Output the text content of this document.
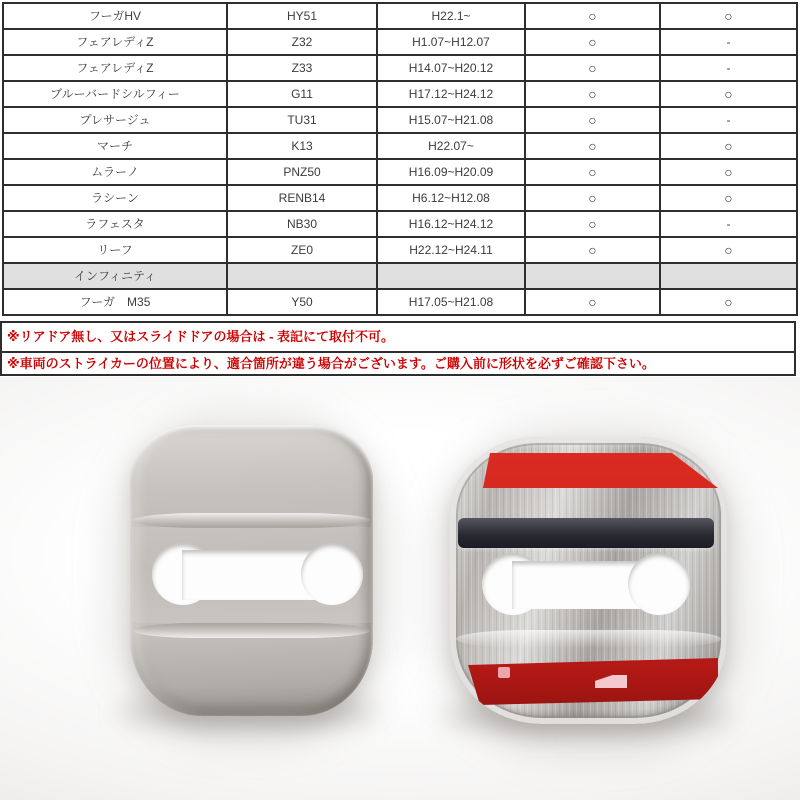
フーガHV	HY51	H22.1~	○	○
フェアレディZ	Z32	H1.07~H12.07	○	-
フェアレディZ	Z33	H14.07~H20.12	○	-
ブルーバードシルフィー	G11	H17.12~H24.12	○	○
プレサージュ	TU31	H15.07~H21.08	○	-
マーチ	K13	H22.07~	○	○
ムラーノ	PNZ50	H16.09~H20.09	○	○
ラシーン	RENB14	H6.12~H12.08	○	○
ラフェスタ	NB30	H16.12~H24.12	○	-
リーフ	ZE0	H22.12~H24.11	○	○
インフィニティ				
フーガ　M35	Y50	H17.05~H21.08	○	○
※リアドア無し、又はスライドドアの場合は - 表記にて取付不可。
※車両のストライカーの位置により、適合箇所が違う場合がございます。ご購入前に形状を必ずご確認下さい。
